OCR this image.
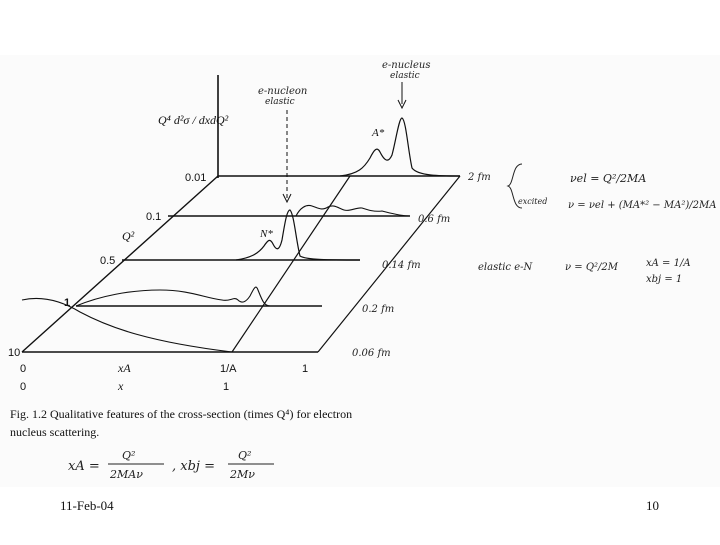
Q⁴ d²σ / dxdQ²
0.01
0.1
0.5
1
10
Q²
0	xA	1/A	1
0	x	1
A*
N*
e-nucleus
elastic
e-nucleon
elastic
2 fm
0.6 fm
0.14 fm
0.2 fm
0.06 fm
νel = Q²/2MA
excited ν = νel + (MA*² − MA²)/2MA
elastic e-N	ν = Q²/2M	xA = 1/A
xbj = 1
Fig. 1.2 Qualitative features of the cross-section (times Q⁴) for electron
nucleus scattering.
xA =
Q²
2MAν
, xbj =
Q²
2Mν
11-Feb-04	10
